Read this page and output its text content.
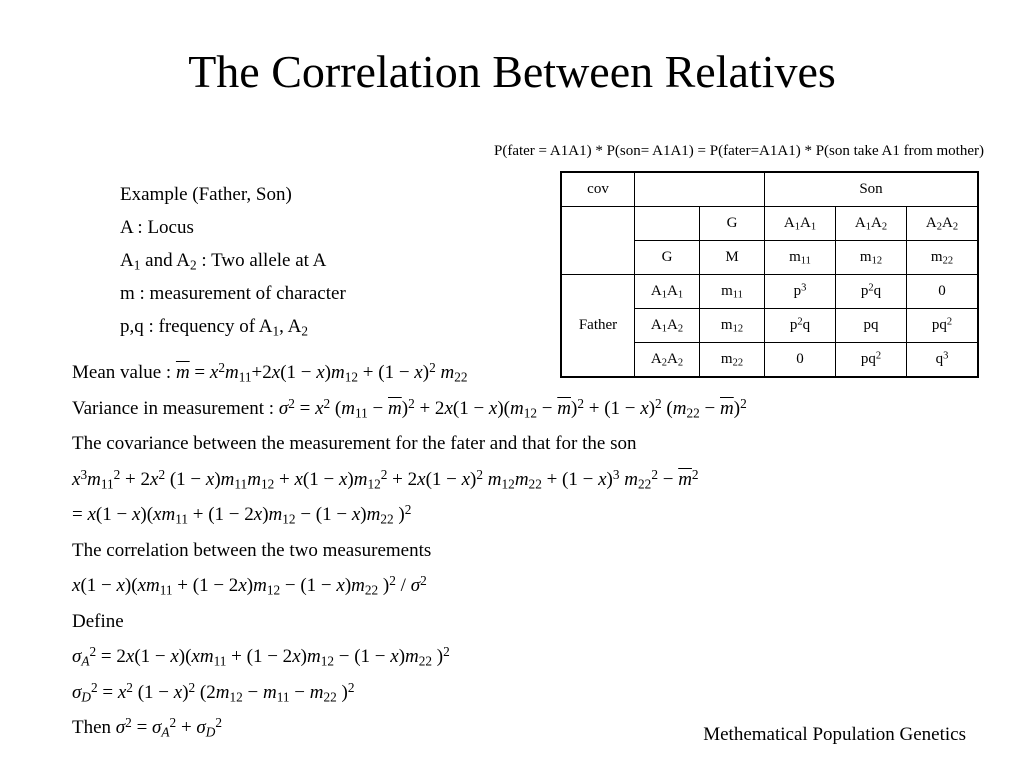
The Correlation Between Relatives
P(fater = A1A1) * P(son= A1A1) = P(fater=A1A1) * P(son take A1 from mother)
Example (Father, Son)
A : Locus
$A_1$ and $A_2$ : Two allele at A
m : measurement of character
p,q : frequency of $A_1$, $A_2$
cov			Son		
		G	$A_1A_1$	$A_1A_2$	$A_2A_2$
	G	M	$m_{11}$	$m_{12}$	$m_{22}$
Father	$A_1A_1$	$m_{11}$	$p^3$	$p^2q$	0
	$A_1A_2$	$m_{12}$	$p^2q$	pq	$pq^2$
	$A_2A_2$	$m_{22}$	0	$pq^2$	$q^3$
Mean value : $\overline{m} = x^2m_{11}+2x(1 - x)m_{12} + (1 - x)^2$ $m_{22}$
Variance in measurement : $\sigma^2 = x^2$ $(m_{11} - \overline{m})^2 + 2x(1 - x)(m_{12} - \overline{m})^2 + (1 - x)^2$ $(m_{22} - \overline{m})^2$
The covariance between the measurement for the fater and that for the son
$x^3m_{11}^2 + 2x^2$ $(1 - x)m_{11}m_{12} + x(1 - x)m_{12}^2 + 2x(1 - x)^2$ $m_{12}m_{22} + (1 - x)^3$ $m_{22}^2 - \overline{m}^2$
= $x(1 - x)(xm_{11} + (1 - 2x)m_{12} - (1 - x)m_{22}$ )$^2$
The correlation between the two measurements
$x(1 - x)(xm_{11} + (1 - 2x)m_{12} - (1 - x)m_{22}$ )$^2 / \sigma^2$
Define
$\sigma_A^2 = 2x(1 - x)(xm_{11} + (1 - 2x)m_{12} - (1 - x)m_{22}$ )$^2$
$\sigma_D^2 = x^2$ $(1 - x)^2$ ($2m_{12} - m_{11} - m_{22}$ )$^2$
Then $\sigma^2 = \sigma_A^2 + \sigma_D^2$
Methematical Population Genetics
